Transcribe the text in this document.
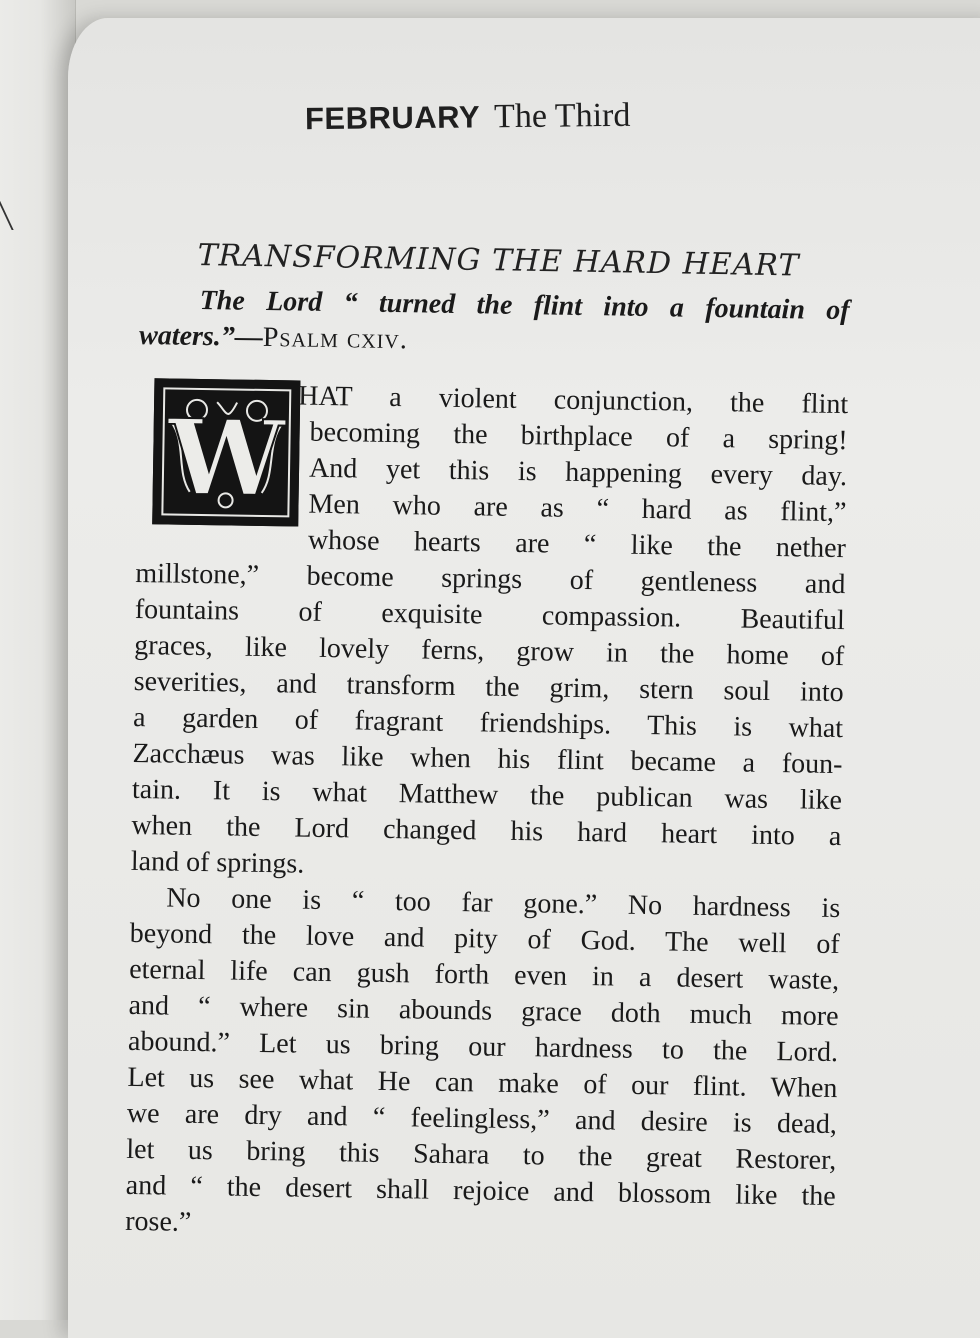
FEBRUARY The Third
TRANSFORMING THE HARD HEART
The Lord “ turned the flint into a fountain of
waters.”—Psalm cxiv.
W HAT a violent conjunction, the flint
becoming the birthplace of a spring!
And yet this is happening every day.
Men who are as “ hard as flint,”
whose hearts are “ like the nether
millstone,” become springs of gentleness and
fountains of exquisite compassion. Beautiful
graces, like lovely ferns, grow in the home of
severities, and transform the grim, stern soul into
a garden of fragrant friendships. This is what
Zacchæus was like when his flint became a foun-
tain. It is what Matthew the publican was like
when the Lord changed his hard heart into a
land of springs.
No one is “ too far gone.” No hardness is
beyond the love and pity of God. The well of
eternal life can gush forth even in a desert waste,
and “ where sin abounds grace doth much more
abound.” Let us bring our hardness to the Lord.
Let us see what He can make of our flint. When
we are dry and “ feelingless,” and desire is dead,
let us bring this Sahara to the great Restorer,
and “ the desert shall rejoice and blossom like the
rose.”
